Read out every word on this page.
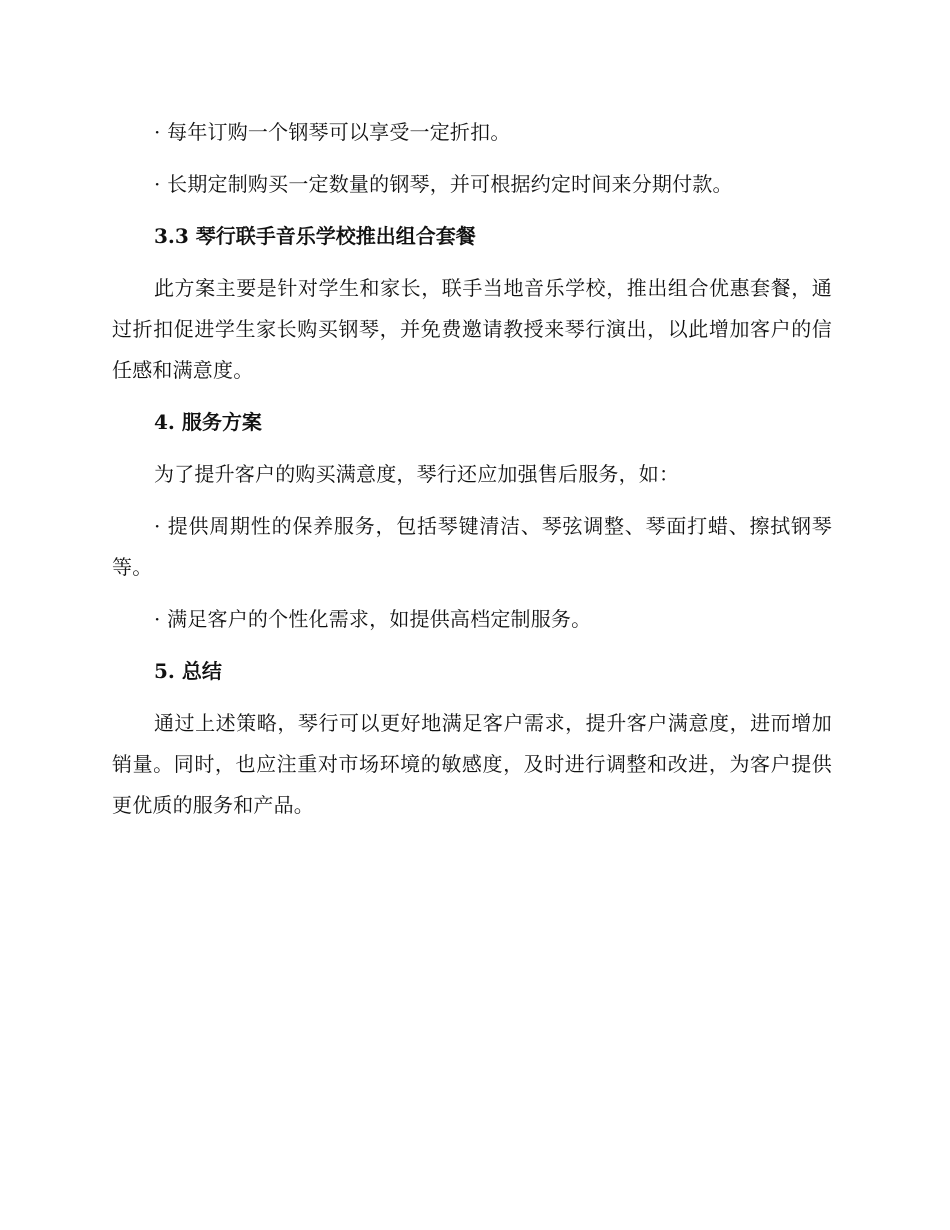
· 每年订购一个钢琴可以享受一定折扣。

· 长期定制购买一定数量的钢琴，并可根据约定时间来分期付款。

3.3 琴行联手音乐学校推出组合套餐

此方案主要是针对学生和家长，联手当地音乐学校，推出组合优惠套餐，通过折扣促进学生家长购买钢琴，并免费邀请教授来琴行演出，以此增加客户的信任感和满意度。

4. 服务方案

为了提升客户的购买满意度，琴行还应加强售后服务，如：

· 提供周期性的保养服务，包括琴键清洁、琴弦调整、琴面打蜡、擦拭钢琴等。

· 满足客户的个性化需求，如提供高档定制服务。

5. 总结

通过上述策略，琴行可以更好地满足客户需求，提升客户满意度，进而增加销量。同时，也应注重对市场环境的敏感度，及时进行调整和改进，为客户提供更优质的服务和产品。
